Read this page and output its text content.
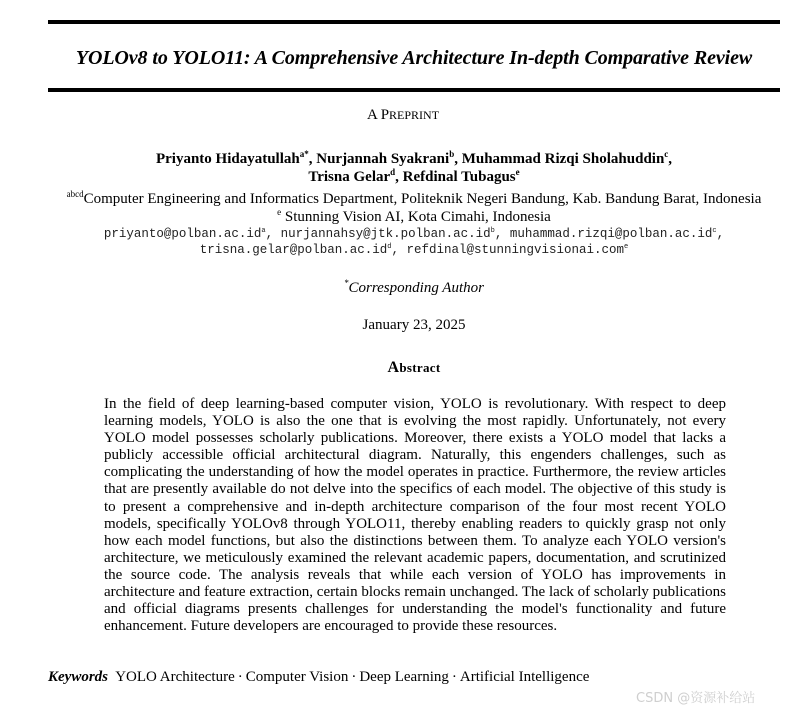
YOLOv8 to YOLO11: A Comprehensive Architecture In-depth Comparative Review
A PREPRINT
Priyanto Hidayatullah$^{a*}$, Nurjannah Syakrani$^b$, Muhammad Rizqi Sholahuddin$^c$,
Trisna Gelar$^d$, Refdinal Tubagus$^e$
$^{abcd}$Computer Engineering and Informatics Department, Politeknik Negeri Bandung, Kab. Bandung Barat, Indonesia
$^e$ Stunning Vision AI, Kota Cimahi, Indonesia
$priyanto@polban.ac.id^a$, $nurjannahsy@jtk.polban.ac.id^b$, $muhammad.rizqi@polban.ac.id^c$,
$trisna.gelar@polban.ac.id^d$, refdinal@stunningvisionai.com$^e$
*Corresponding Author
January 23, 2025
Abstract
In the field of deep learning-based computer vision, YOLO is revolutionary. With respect to deep learning models, YOLO is also the one that is evolving the most rapidly. Unfortunately, not every YOLO model possesses scholarly publications. Moreover, there exists a YOLO model that lacks a publicly accessible official architectural diagram. Naturally, this engenders challenges, such as complicating the understanding of how the model operates in practice. Furthermore, the review articles that are presently available do not delve into the specifics of each model. The objective of this study is to present a comprehensive and in-depth architecture comparison of the four most recent YOLO models, specifically YOLOv8 through YOLO11, thereby enabling readers to quickly grasp not only how each model functions, but also the distinctions between them. To analyze each YOLO version's architecture, we meticulously examined the relevant academic papers, documentation, and scrutinized the source code. The analysis reveals that while each version of YOLO has improvements in architecture and feature extraction, certain blocks remain unchanged. The lack of scholarly publications and official diagrams presents challenges for understanding the model's functionality and future enhancement. Future developers are encouraged to provide these resources.
Keywords YOLO Architecture · Computer Vision · Deep Learning · Artificial Intelligence
CSDN @资源补给站
